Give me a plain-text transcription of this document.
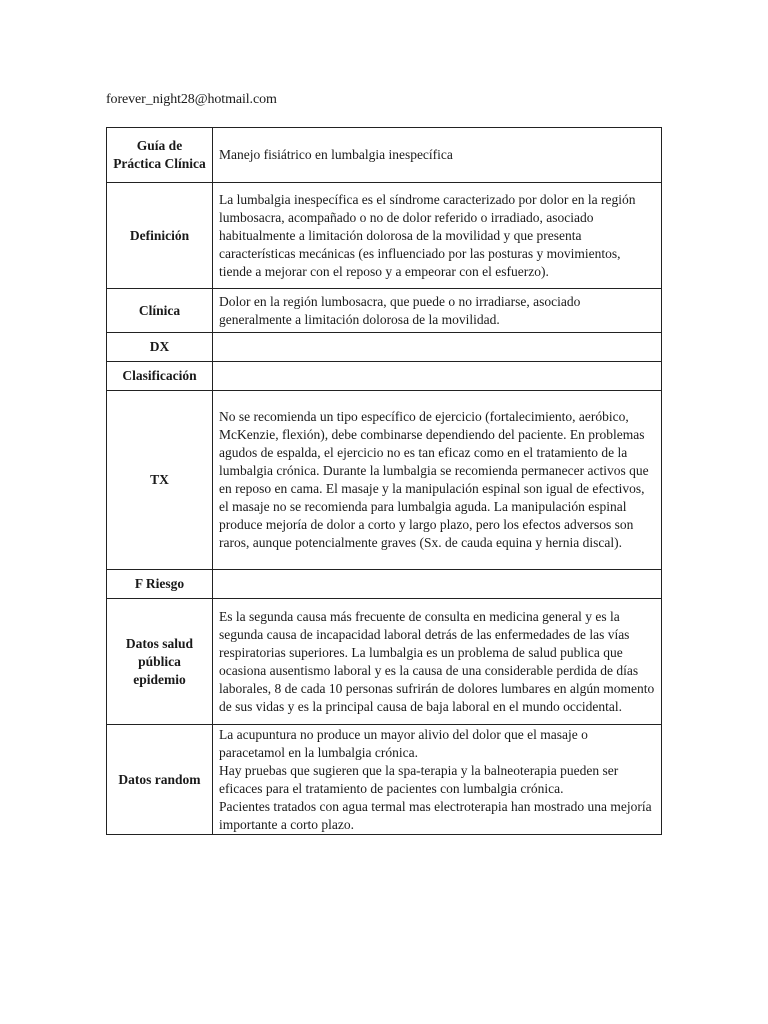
forever_night28@hotmail.com
Guía de Práctica Clínica	Manejo fisiátrico en lumbalgia inespecífica

Definición	La lumbalgia inespecífica es el síndrome caracterizado por dolor en la región lumbosacra, acompañado o no de dolor referido o irradiado, asociado habitualmente a limitación dolorosa de la movilidad y que presenta características mecánicas (es influenciado por las posturas y movimientos, tiende a mejorar con el reposo y a empeorar con el esfuerzo).

Clínica	Dolor en la región lumbosacra, que puede o no irradiarse, asociado generalmente a limitación dolorosa de la movilidad.

DX	

Clasificación	

TX	No se recomienda un tipo específico de ejercicio (fortalecimiento, aeróbico, McKenzie, flexión), debe combinarse dependiendo del paciente. En problemas agudos de espalda, el ejercicio no es tan eficaz como en el tratamiento de la lumbalgia crónica. Durante la lumbalgia se recomienda permanecer activos que en reposo en cama. El masaje y la manipulación espinal son igual de efectivos, el masaje no se recomienda para lumbalgia aguda. La manipulación espinal produce mejoría de dolor a corto y largo plazo, pero los efectos adversos son raros, aunque potencialmente graves (Sx. de cauda equina y hernia discal).

F Riesgo	

Datos salud pública epidemio	Es la segunda causa más frecuente de consulta en medicina general y es la segunda causa de incapacidad laboral detrás de las enfermedades de las vías respiratorias superiores. La lumbalgia es un problema de salud publica que ocasiona ausentismo laboral y es la causa de una considerable perdida de días laborales, 8 de cada 10 personas sufrirán de dolores lumbares en algún momento de sus vidas y es la principal causa de baja laboral en el mundo occidental.

Datos random	La acupuntura no produce un mayor alivio del dolor que el masaje o paracetamol en la lumbalgia crónica.

Hay pruebas que sugieren que la spa-terapia y la balneoterapia pueden ser eficaces para el tratamiento de pacientes con lumbalgia crónica.

Pacientes tratados con agua termal mas electroterapia han mostrado una mejoría importante a corto plazo.
